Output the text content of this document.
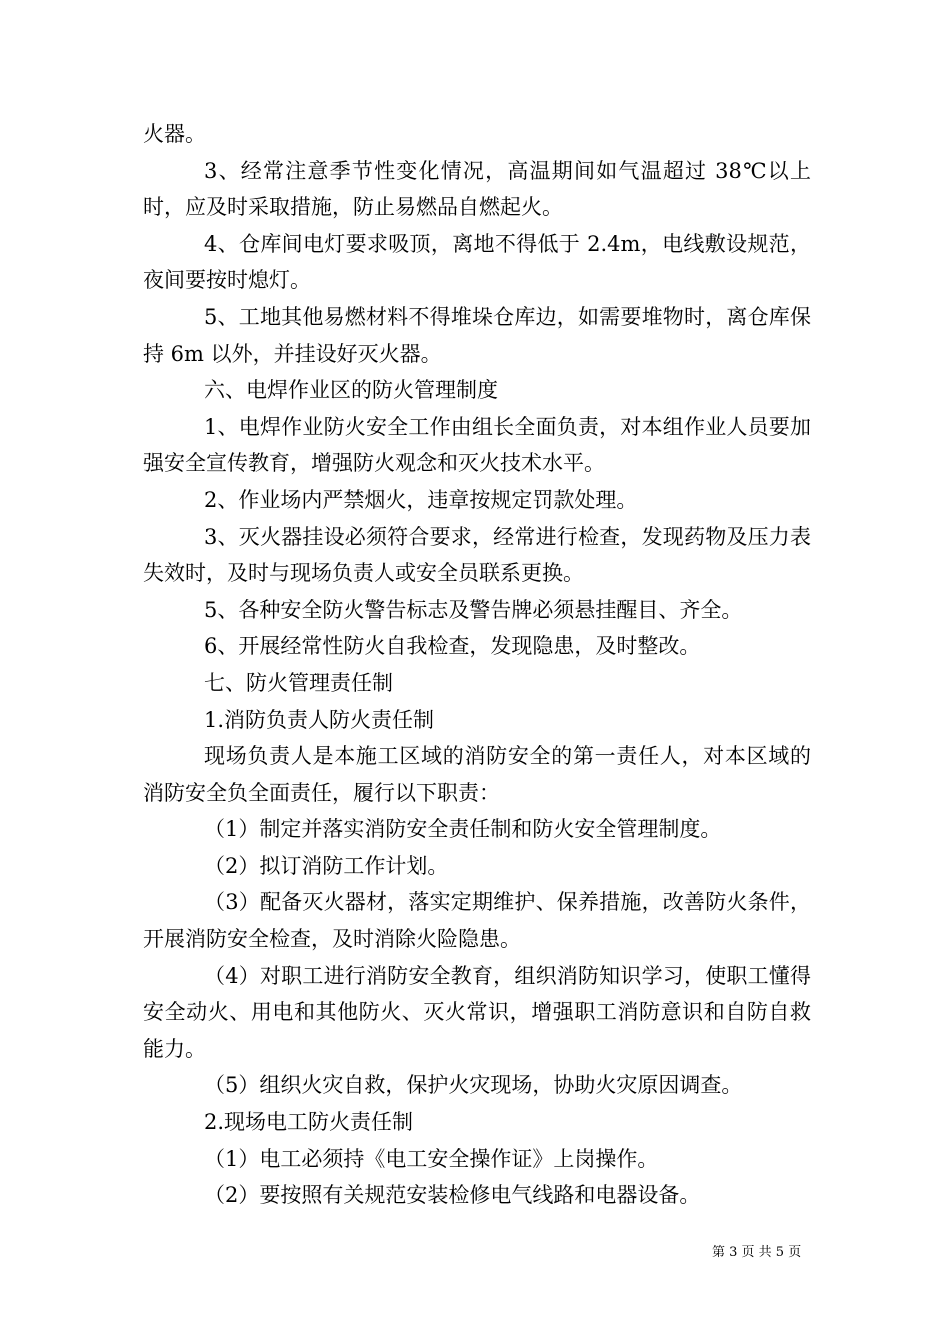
火器。

3、经常注意季节性变化情况，高温期间如气温超过 38℃以上时，应及时采取措施，防止易燃品自燃起火。

4、仓库间电灯要求吸顶，离地不得低于 2.4m，电线敷设规范，夜间要按时熄灯。

5、工地其他易燃材料不得堆垛仓库边，如需要堆物时，离仓库保持 6m 以外，并挂设好灭火器。

六、电焊作业区的防火管理制度

1、电焊作业防火安全工作由组长全面负责，对本组作业人员要加强安全宣传教育，增强防火观念和灭火技术水平。

2、作业场内严禁烟火，违章按规定罚款处理。

3、灭火器挂设必须符合要求，经常进行检查，发现药物及压力表失效时，及时与现场负责人或安全员联系更换。

5、各种安全防火警告标志及警告牌必须悬挂醒目、齐全。

6、开展经常性防火自我检查，发现隐患，及时整改。

七、防火管理责任制

1.消防负责人防火责任制

现场负责人是本施工区域的消防安全的第一责任人，对本区域的消防安全负全面责任，履行以下职责：

（1）制定并落实消防安全责任制和防火安全管理制度。

（2）拟订消防工作计划。

（3）配备灭火器材，落实定期维护、保养措施，改善防火条件，开展消防安全检查，及时消除火险隐患。

（4）对职工进行消防安全教育，组织消防知识学习，使职工懂得安全动火、用电和其他防火、灭火常识，增强职工消防意识和自防自救能力。

（5）组织火灾自救，保护火灾现场，协助火灾原因调查。

2.现场电工防火责任制

（1）电工必须持《电工安全操作证》上岗操作。

（2）要按照有关规范安装检修电气线路和电器设备。

第 3 页 共 5 页
